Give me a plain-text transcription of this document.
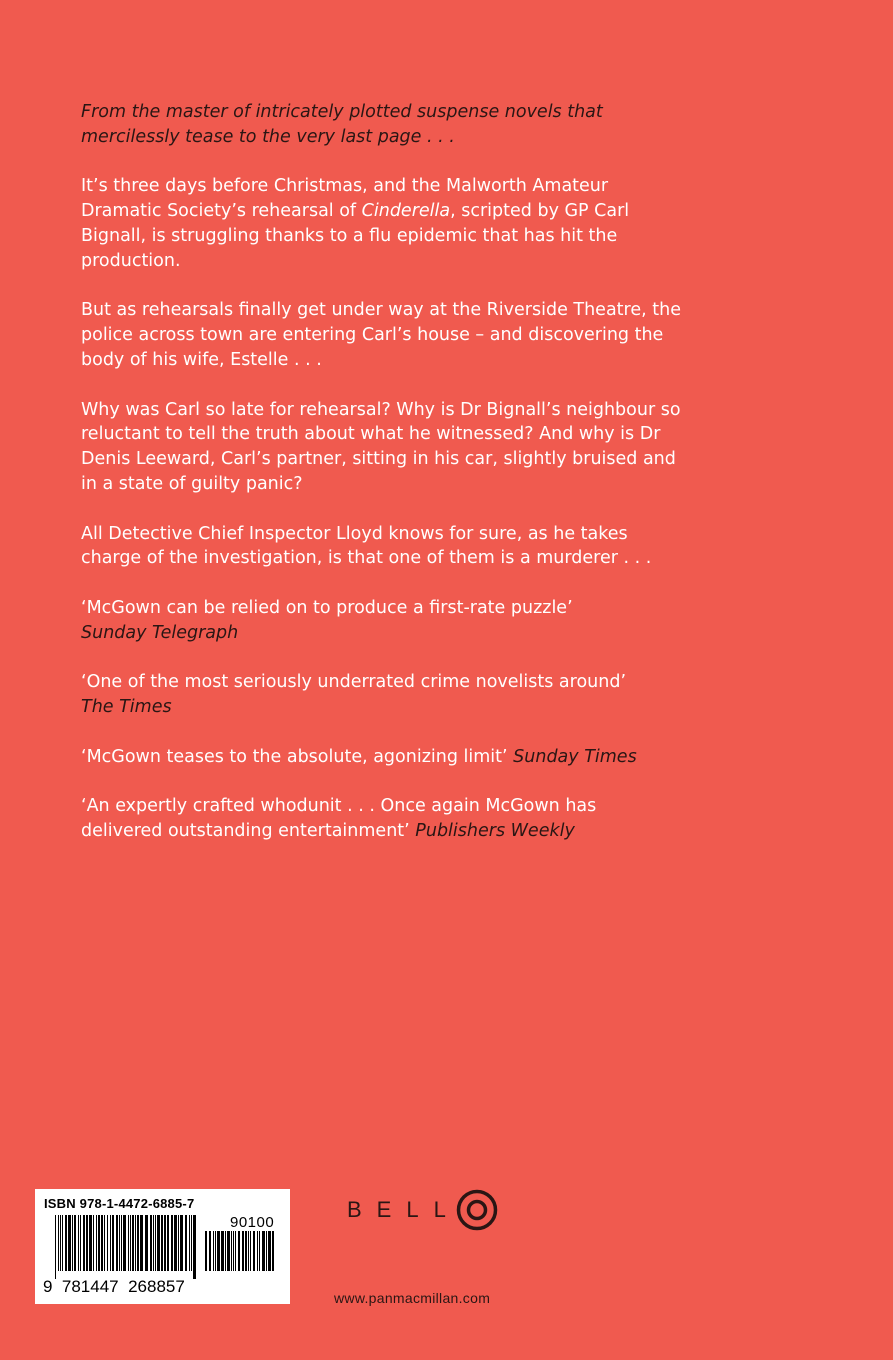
From the master of intricately plotted suspense novels that
mercilessly tease to the very last page . . .

It’s three days before Christmas, and the Malworth Amateur Dramatic Society’s rehearsal of Cinderella, scripted by GP Carl Bignall, is struggling thanks to a flu epidemic that has hit the production.

But as rehearsals finally get under way at the Riverside Theatre, the police across town are entering Carl’s house – and discovering the body of his wife, Estelle . . .

Why was Carl so late for rehearsal? Why is Dr Bignall’s neighbour so reluctant to tell the truth about what he witnessed? And why is Dr Denis Leeward, Carl’s partner, sitting in his car, slightly bruised and in a state of guilty panic?

All Detective Chief Inspector Lloyd knows for sure, as he takes charge of the investigation, is that one of them is a murderer . . .

‘McGown can be relied on to produce a first-rate puzzle’
Sunday Telegraph

‘One of the most seriously underrated crime novelists around’
The Times

‘McGown teases to the absolute, agonizing limit’ Sunday Times

‘An expertly crafted whodunit . . . Once again McGown has delivered outstanding entertainment’ Publishers Weekly

ISBN 978-1-4472-6885-7
90100
9  781447  268857
BELL
www.panmacmillan.com
